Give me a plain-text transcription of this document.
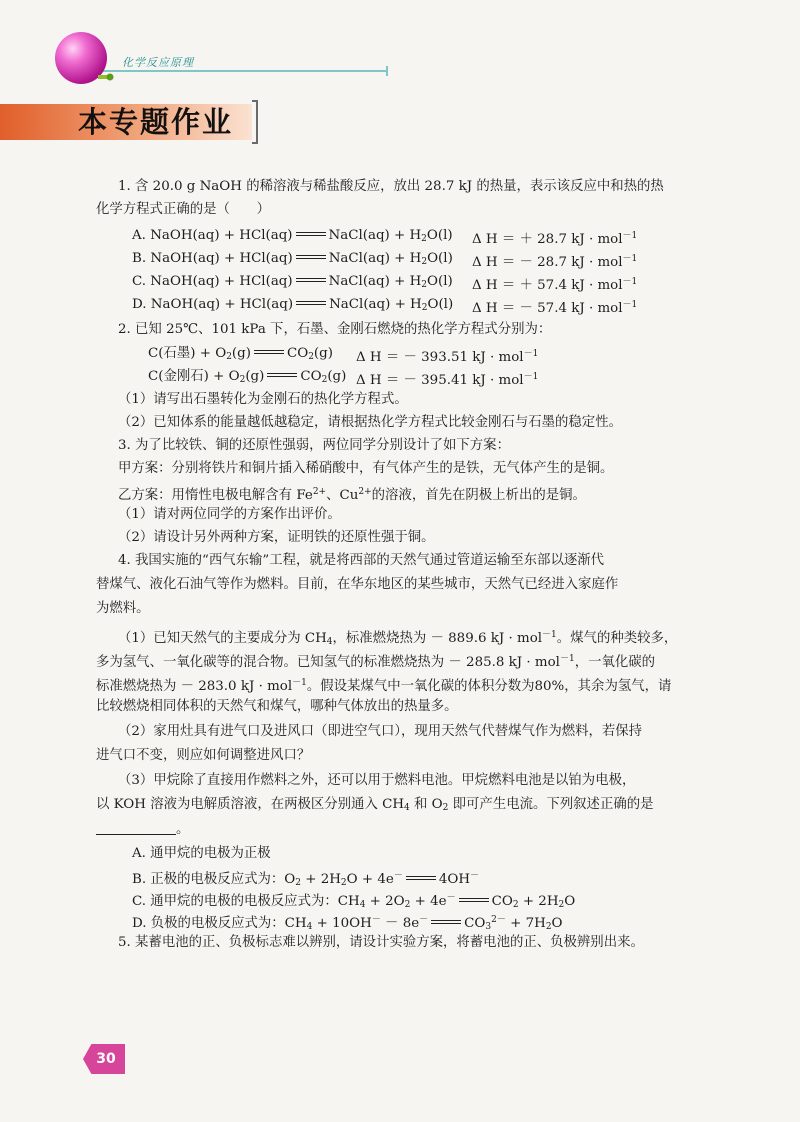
化学反应原理
本专题作业
1. 含 20.0 g NaOH 的稀溶液与稀盐酸反应，放出 28.7 kJ 的热量，表示该反应中和热的热
化学方程式正确的是（　　）
A. NaOH(aq) + HCl(aq)	NaCl(aq) + $H_2O(l)$ Δ H ＝ ＋ 28.7 kJ · mol$^{-1}$
B. NaOH(aq) + HCl(aq)	NaCl(aq) + $H_2O(l)$ Δ H ＝ － 28.7 kJ · mol$^{-1}$
C. NaOH(aq) + HCl(aq)	NaCl(aq) + $H_2O(l)$ Δ H ＝ ＋ 57.4 kJ · mol$^{-1}$
D. NaOH(aq) + HCl(aq)	NaCl(aq) + $H_2O(l)$ Δ H ＝ － 57.4 kJ · mol$^{-1}$
2. 已知 25℃、101 kPa 下，石墨、金刚石燃烧的热化学方程式分别为：
C(石墨) + $O_2(g)$	$CO_2(g)$ Δ H ＝ － 393.51 kJ · mol$^{-1}$
C(金刚石) + $O_2(g)$	$CO_2(g)$ Δ H ＝ － 395.41 kJ · mol$^{-1}$
（1）请写出石墨转化为金刚石的热化学方程式。
（2）已知体系的能量越低越稳定，请根据热化学方程式比较金刚石与石墨的稳定性。
3. 为了比较铁、铜的还原性强弱，两位同学分别设计了如下方案：
甲方案：分别将铁片和铜片插入稀硝酸中，有气体产生的是铁，无气体产生的是铜。
乙方案：用惰性电极电解含有 $Fe^{2+}$、$Cu^{2+}$的溶液，首先在阴极上析出的是铜。
（1）请对两位同学的方案作出评价。
（2）请设计另外两种方案，证明铁的还原性强于铜。
4. 我国实施的“西气东输”工程，就是将西部的天然气通过管道运输至东部以逐渐代
替煤气、液化石油气等作为燃料。目前，在华东地区的某些城市，天然气已经进入家庭作
为燃料。
（1）已知天然气的主要成分为 $CH_4$，标准燃烧热为 － 889.6 kJ · mol$^{-1}$。煤气的种类较多，
多为氢气、一氧化碳等的混合物。已知氢气的标准燃烧热为 － 285.8 kJ · mol$^{-1}$，一氧化碳的
标准燃烧热为 － 283.0 kJ · mol$^{-1}$。假设某煤气中一氧化碳的体积分数为80%，其余为氢气，请
比较燃烧相同体积的天然气和煤气，哪种气体放出的热量多。
（2）家用灶具有进气口及进风口（即进空气口），现用天然气代替煤气作为燃料，若保持
进气口不变，则应如何调整进风口？
（3）甲烷除了直接用作燃料之外，还可以用于燃料电池。甲烷燃料电池是以铂为电极，
以 KOH 溶液为电解质溶液，在两极区分别通入 $CH_4$ 和 $O_2$ 即可产生电流。下列叙述正确的是
。
A. 通甲烷的电极为正极
B. 正极的电极反应式为：$O_2 + 2H_2O + 4e^-$	4OH－
C. 通甲烷的电极的电极反应式为：$CH_4 + 2O_2 + 4e^-$	$CO_2 + 2H_2O$
D. 负极的电极反应式为：$CH_4 + 10OH^- - 8e^-$	$CO_3^{2-} + 7H_2O$
5. 某蓄电池的正、负极标志难以辨别，请设计实验方案，将蓄电池的正、负极辨别出来。
30
